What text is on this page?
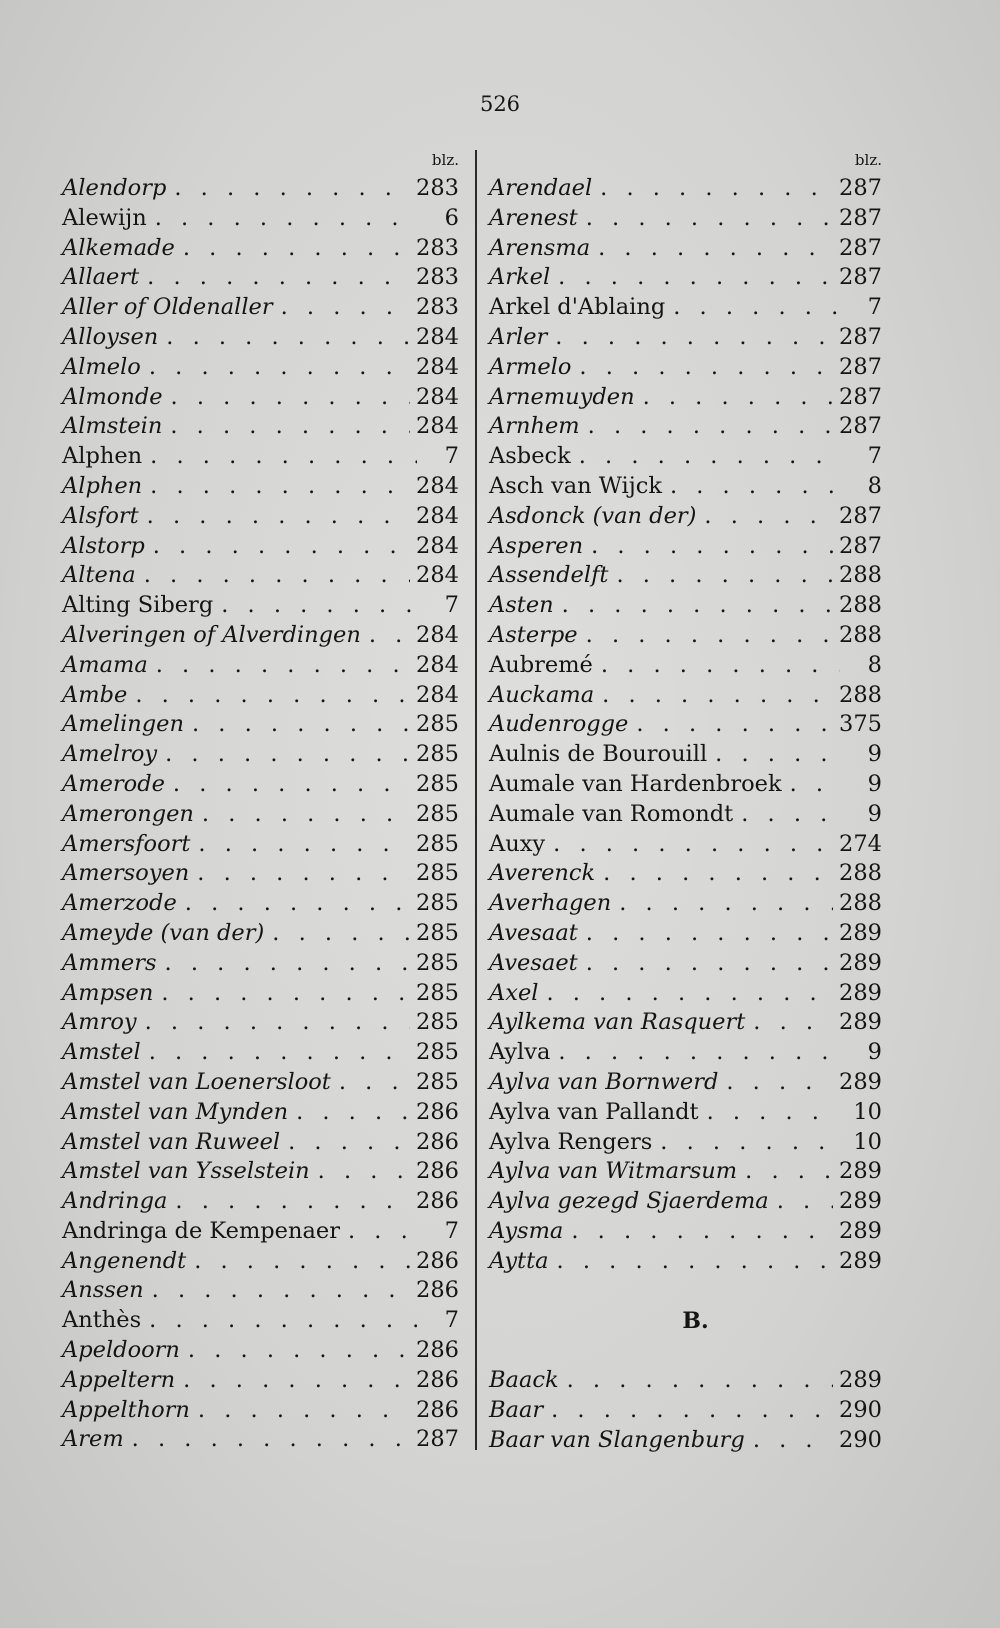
526
blz.
Alendorp . . .	283
Alewijn . . .	6
Alkemade . . .	283
Allaert . . .	283
Aller of Oldenaller . . .	283
Alloysen . . .	284
Almelo . . .	284
Almonde . . .	284
Almstein . . .	284
Alphen . . .	7
Alphen . . .	284
Alsfort . . .	284
Alstorp . . .	284
Altena . . .	284
Alting Siberg . . .	7
Alveringen of Alverdingen . . . 284
Amama . . .	284
Ambe . . .	284
Amelingen . . .	285
Amelroy . . .	285
Amerode . . .	285
Amerongen . . .	285
Amersfoort . . .	285
Amersoyen . . .	285
Amerzode . . .	285
Ameyde (van der) . . .	285
Ammers . . .	285
Ampsen . . .	285
Amroy . . .	285
Amstel . . .	285
Amstel van Loenersloot . . .	285
Amstel van Mynden . . .	286
Amstel van Ruweel . . .	286
Amstel van Ysselstein . . .	286
Andringa . . .	286
Andringa de Kempenaer . . .	7
Angenendt . . .	286
Anssen . . .	286
Anthès . . .	7
Apeldoorn . . .	286
Appeltern . . .	286
Appelthorn . . .	286
Arem . . .	287
blz.
Arendael . . .	287
Arenest . . .	287
Arensma . . .	287
Arkel . . .	287
Arkel d'Ablaing . . .	7
Arler . . .	287
Armelo . . .	287
Arnemuyden . . .	287
Arnhem . . .	287
Asbeck . . .	7
Asch van Wijck . . .	8
Asdonck (van der) . . .	287
Asperen . . .	287
Assendelft . . .	288
Asten . . .	288
Asterpe . . .	288
Aubremé . . .	8
Auckama . . .	288
Audenrogge . . .	375
Aulnis de Bourouill . . .	9
Aumale van Hardenbroek . . .	9
Aumale van Romondt . . .	9
Auxy . . .	274
Averenck . . .	288
Averhagen . . .	288
Avesaat . . .	289
Avesaet . . .	289
Axel . . .	289
Aylkema van Rasquert . . .	289
Aylva . . .	9
Aylva van Bornwerd . . .	289
Aylva van Pallandt . . .	10
Aylva Rengers . . .	10
Aylva van Witmarsum . . .	289
Aylva gezegd Sjaerdema . . .	289
Aysma . . .	289
Aytta . . .	289
B.
Baack . . .	289
Baar . . .	290
Baar van Slangenburg . . .	290
